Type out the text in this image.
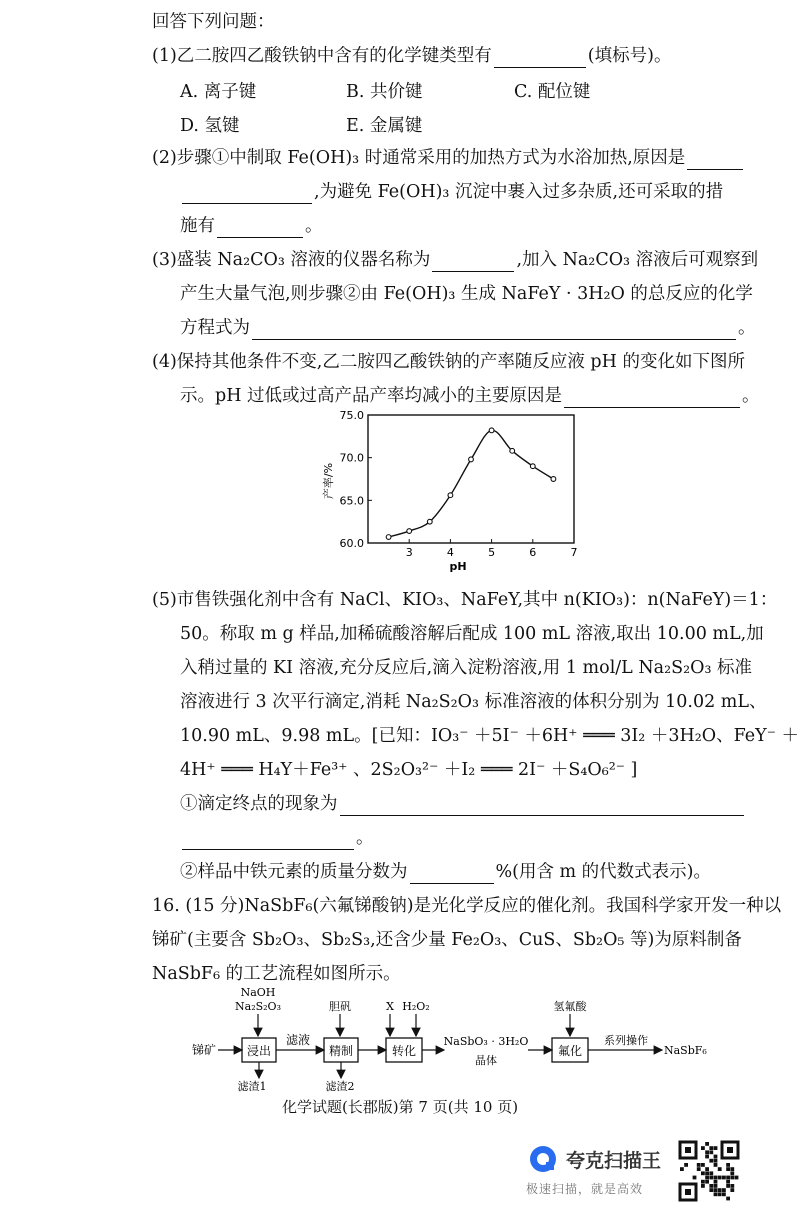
回答下列问题：
(1)乙二胺四乙酸铁钠中含有的化学键类型有	(填标号)。
A. 离子键	B. 共价键	C. 配位键
D. 氢键	E. 金属键
(2)步骤①中制取 Fe(OH)₃ 时通常采用的加热方式为水浴加热,原因是
,为避免 Fe(OH)₃ 沉淀中裹入过多杂质,还可采取的措
施有	。
(3)盛装 Na₂CO₃ 溶液的仪器名称为	,加入 Na₂CO₃ 溶液后可观察到
产生大量气泡,则步骤②由 Fe(OH)₃ 生成 NaFeY · 3H₂O 的总反应的化学
方程式为	。
(4)保持其他条件不变,乙二胺四乙酸铁钠的产率随反应液 pH 的变化如下图所
示。pH 过低或过高产品产率均减小的主要原因是	。
60.0
65.0
70.0
75.0
3	4	5	6	7
产率/%
pH
(5)市售铁强化剂中含有 NaCl、KIO₃、NaFeY,其中 n(KIO₃)：n(NaFeY)＝1：
50。称取 m g 样品,加稀硫酸溶解后配成 100 mL 溶液,取出 10.00 mL,加
入稍过量的 KI 溶液,充分反应后,滴入淀粉溶液,用 1 mol/L Na₂S₂O₃ 标准
溶液进行 3 次平行滴定,消耗 Na₂S₂O₃ 标准溶液的体积分别为 10.02 mL、
10.90 mL、9.98 mL。[已知：IO₃⁻ ＋5I⁻ ＋6H⁺ ═══ 3I₂ ＋3H₂O、FeY⁻ ＋
4H⁺ ═══ H₄Y＋Fe³⁺ 、2S₂O₃²⁻ ＋I₂ ═══ 2I⁻ ＋S₄O₆²⁻ ]
①滴定终点的现象为
。
②样品中铁元素的质量分数为	%(用含 m 的代数式表示)。
16. (15 分)NaSbF₆(六氟锑酸钠)是光化学反应的催化剂。我国科学家开发一种以
锑矿(主要含 Sb₂O₃、Sb₂S₃,还含少量 Fe₂O₃、CuS、Sb₂O₅ 等)为原料制备
NaSbF₆ 的工艺流程如图所示。
NaOH
Na₂S₂O₃
锑矿	浸出
滤渣1
滤液
胆矾
精制
滤渣2
X H₂O₂
转化
NaSbO₃ · 3H₂O
晶体
氢氟酸
氟化
系列操作
NaSbF₆
化学试题(长郡版)第 7 页(共 10 页)
夸克扫描王
极速扫描，就是高效
